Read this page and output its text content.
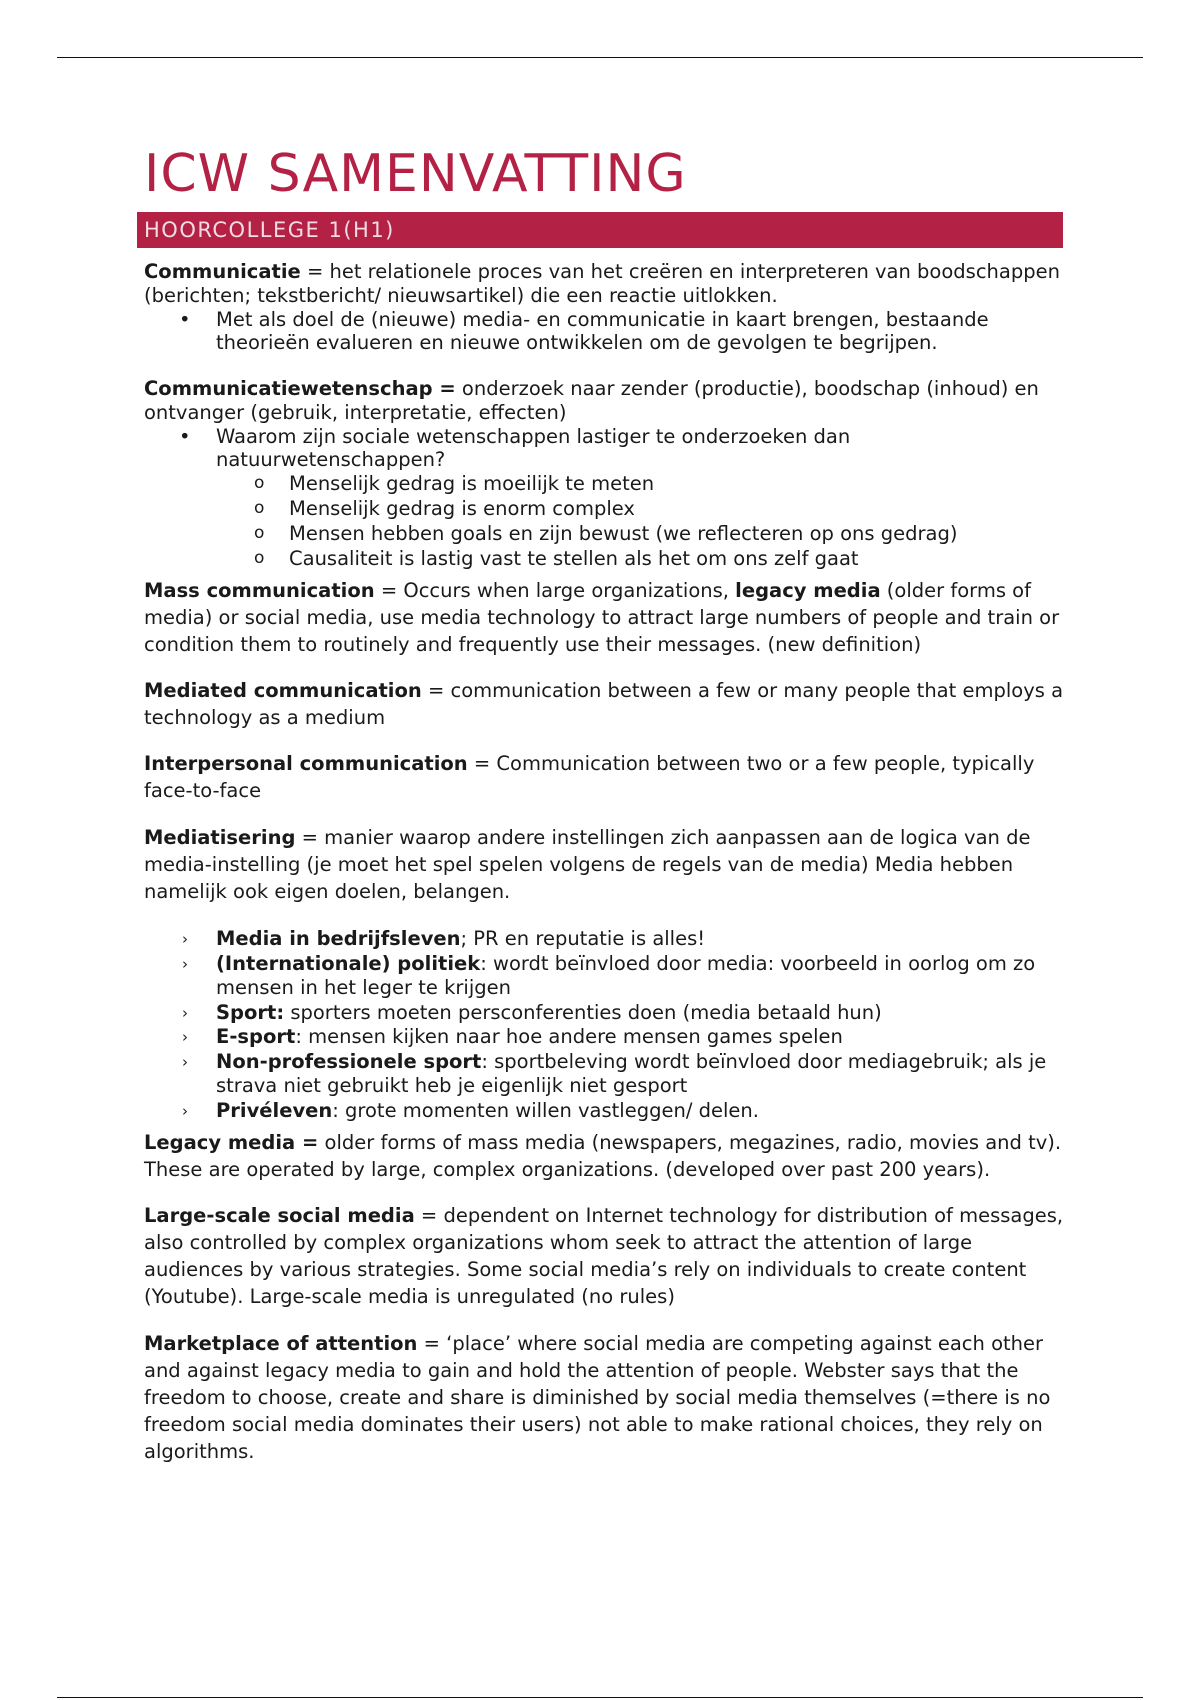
ICW SAMENVATTING
HOORCOLLEGE 1(H1)

Communicatie = het relationele proces van het creëren en interpreteren van boodschappen (berichten; tekstbericht/ nieuwsartikel) die een reactie uitlokken.

• Met als doel de (nieuwe) media- en communicatie in kaart brengen, bestaande theorieën evalueren en nieuwe ontwikkelen om de gevolgen te begrijpen.

Communicatiewetenschap = onderzoek naar zender (productie), boodschap (inhoud) en ontvanger (gebruik, interpretatie, effecten)

• Waarom zijn sociale wetenschappen lastiger te onderzoeken dan natuurwetenschappen?
o Menselijk gedrag is moeilijk te meten
o Menselijk gedrag is enorm complex
o Mensen hebben goals en zijn bewust (we reflecteren op ons gedrag)
o Causaliteit is lastig vast te stellen als het om ons zelf gaat

Mass communication = Occurs when large organizations, legacy media (older forms of media) or social media, use media technology to attract large numbers of people and train or condition them to routinely and frequently use their messages. (new definition)

Mediated communication = communication between a few or many people that employs a technology as a medium

Interpersonal communication = Communication between two or a few people, typically face-to-face

Mediatisering = manier waarop andere instellingen zich aanpassen aan de logica van de media-instelling (je moet het spel spelen volgens de regels van de media) Media hebben namelijk ook eigen doelen, belangen.

› Media in bedrijfsleven; PR en reputatie is alles!
› (Internationale) politiek: wordt beïnvloed door media: voorbeeld in oorlog om zo mensen in het leger te krijgen
› Sport: sporters moeten persconferenties doen (media betaald hun)
› E-sport: mensen kijken naar hoe andere mensen games spelen
› Non-professionele sport: sportbeleving wordt beïnvloed door mediagebruik; als je strava niet gebruikt heb je eigenlijk niet gesport
› Privéleven: grote momenten willen vastleggen/ delen.

Legacy media = older forms of mass media (newspapers, megazines, radio, movies and tv). These are operated by large, complex organizations. (developed over past 200 years).

Large-scale social media = dependent on Internet technology for distribution of messages, also controlled by complex organizations whom seek to attract the attention of large audiences by various strategies. Some social media’s rely on individuals to create content (Youtube). Large-scale media is unregulated (no rules)

Marketplace of attention = ‘place’ where social media are competing against each other and against legacy media to gain and hold the attention of people. Webster says that the freedom to choose, create and share is diminished by social media themselves (=there is no freedom social media dominates their users) not able to make rational choices, they rely on algorithms.
